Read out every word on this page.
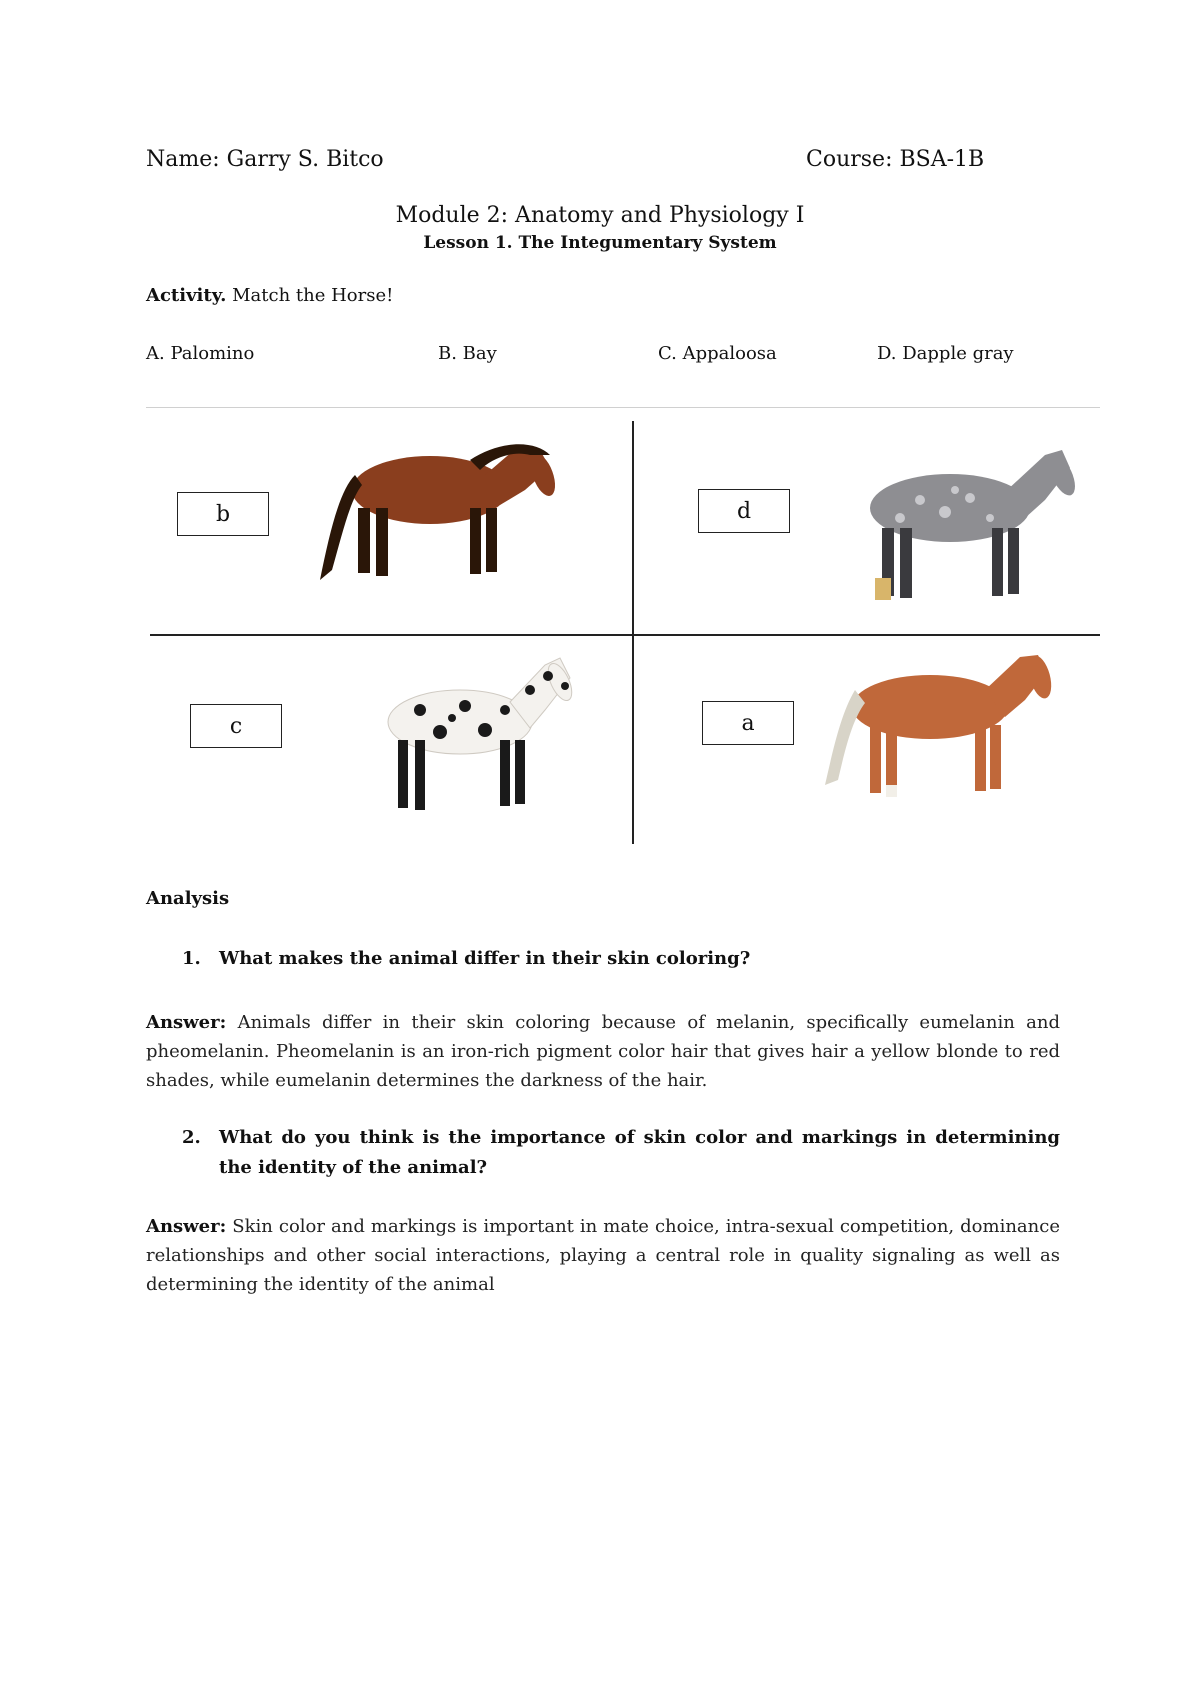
Name: Garry S. Bitco	Course: BSA-1B
Module 2: Anatomy and Physiology I
Lesson 1. The Integumentary System
Activity. Match the Horse!
A. Palomino	B. Bay	C. Appaloosa	D. Dapple gray
b	d
c	a
Analysis
1. What makes the animal differ in their skin coloring?
Answer: Animals differ in their skin coloring because of melanin, specifically eumelanin and pheomelanin. Pheomelanin is an iron-rich pigment color hair that gives hair a yellow blonde to red shades, while eumelanin determines the darkness of the hair.
2. What do you think is the importance of skin color and markings in determining the identity of the animal?
Answer: Skin color and markings is important in mate choice, intra-sexual competition, dominance relationships and other social interactions, playing a central role in quality signaling as well as determining the identity of the animal
